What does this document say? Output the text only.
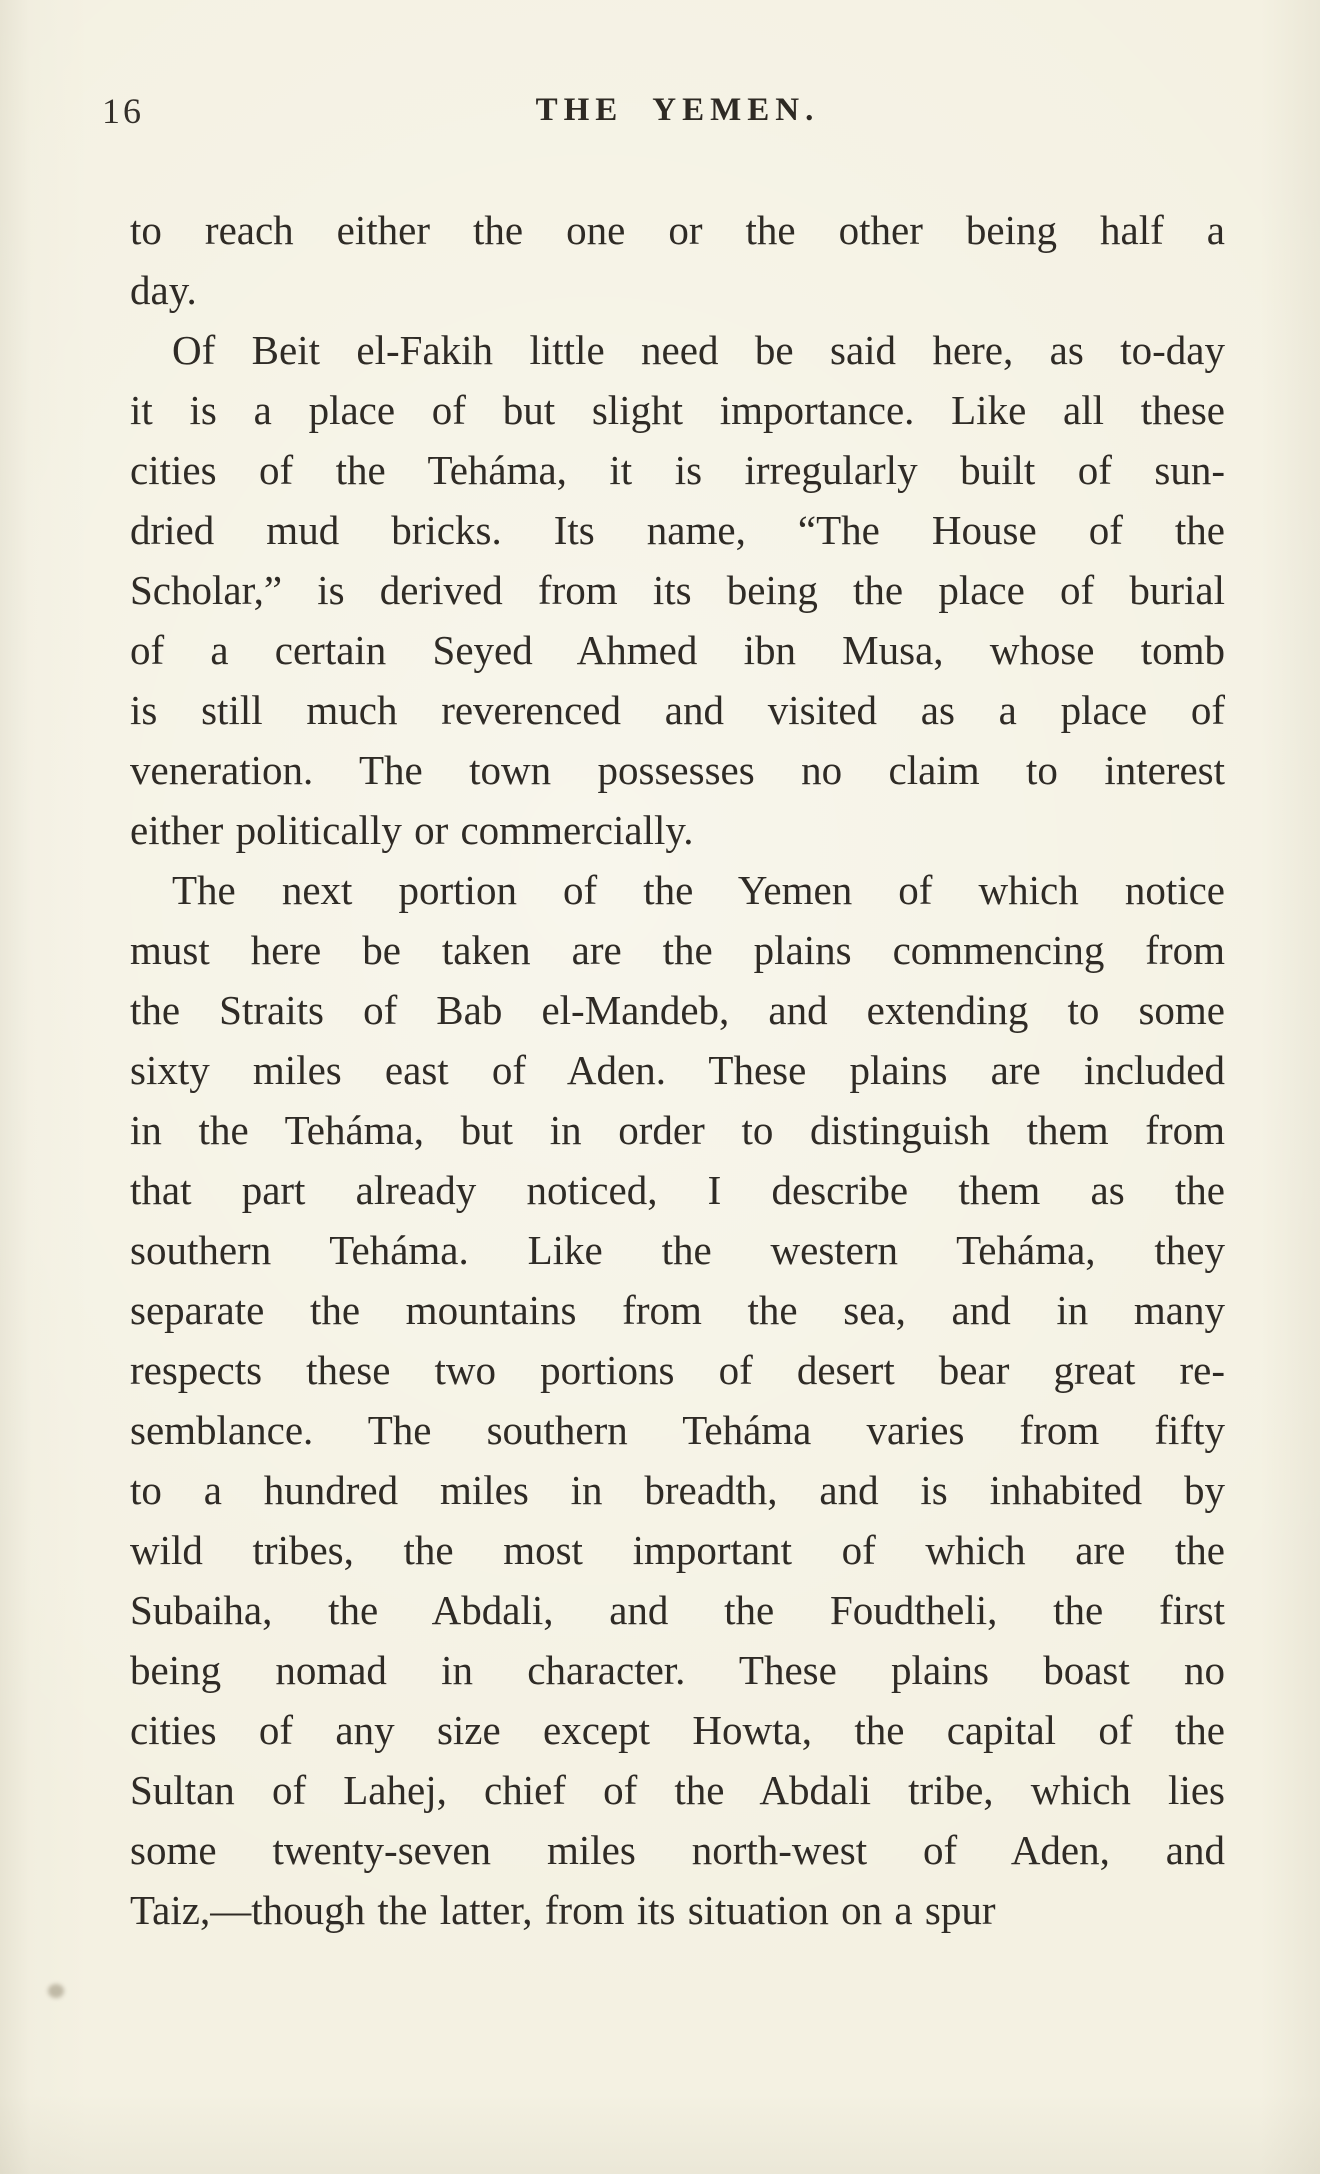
16	THE YEMEN.
to reach either the one or the other being half a
day.
Of Beit el-Fakih little need be said here, as to-day
it is a place of but slight importance. Like all these
cities of the Teháma, it is irregularly built of sun-
dried mud bricks. Its name, “The House of the
Scholar,” is derived from its being the place of burial
of a certain Seyed Ahmed ibn Musa, whose tomb
is still much reverenced and visited as a place of
veneration. The town possesses no claim to interest
either politically or commercially.
The next portion of the Yemen of which notice
must here be taken are the plains commencing from
the Straits of Bab el-Mandeb, and extending to some
sixty miles east of Aden. These plains are included
in the Teháma, but in order to distinguish them from
that part already noticed, I describe them as the
southern Teháma. Like the western Teháma, they
separate the mountains from the sea, and in many
respects these two portions of desert bear great re-
semblance. The southern Teháma varies from fifty
to a hundred miles in breadth, and is inhabited by
wild tribes, the most important of which are the
Subaiha, the Abdali, and the Foudtheli, the first
being nomad in character. These plains boast no
cities of any size except Howta, the capital of the
Sultan of Lahej, chief of the Abdali tribe, which lies
some twenty-seven miles north-west of Aden, and
Taiz,—though the latter, from its situation on a spur
